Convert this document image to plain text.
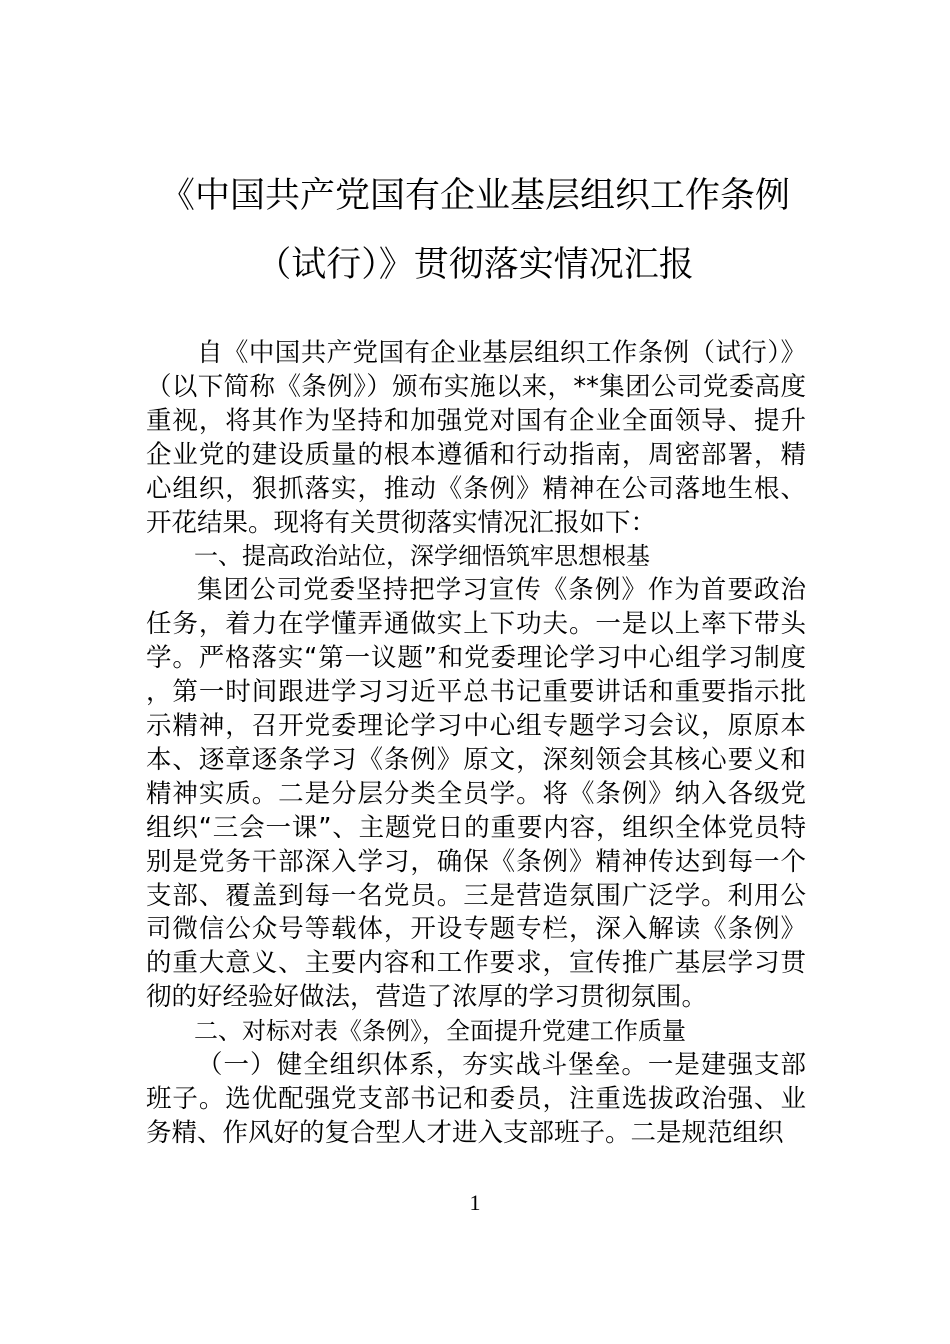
《中国共产党国有企业基层组织工作条例
（试行）》贯彻落实情况汇报

自《中国共产党国有企业基层组织工作条例（试行）》（以下简称《条例》）颁布实施以来，**集团公司党委高度重视，将其作为坚持和加强党对国有企业全面领导、提升企业党的建设质量的根本遵循和行动指南，周密部署，精心组织，狠抓落实，推动《条例》精神在公司落地生根、开花结果。现将有关贯彻落实情况汇报如下：

一、提高政治站位，深学细悟筑牢思想根基

集团公司党委坚持把学习宣传《条例》作为首要政治任务，着力在学懂弄通做实上下功夫。一是以上率下带头学。严格落实“第一议题”和党委理论学习中心组学习制度，第一时间跟进学习习近平总书记重要讲话和重要指示批示精神，召开党委理论学习中心组专题学习会议，原原本本、逐章逐条学习《条例》原文，深刻领会其核心要义和精神实质。二是分层分类全员学。将《条例》纳入各级党组织“三会一课”、主题党日的重要内容，组织全体党员特别是党务干部深入学习，确保《条例》精神传达到每一个支部、覆盖到每一名党员。三是营造氛围广泛学。利用公司微信公众号等载体，开设专题专栏，深入解读《条例》的重大意义、主要内容和工作要求，宣传推广基层学习贯彻的好经验好做法，营造了浓厚的学习贯彻氛围。

二、对标对表《条例》，全面提升党建工作质量

（一）健全组织体系，夯实战斗堡垒。一是建强支部班子。选优配强党支部书记和委员，注重选拔政治强、业务精、作风好的复合型人才进入支部班子。二是规范组织

1
